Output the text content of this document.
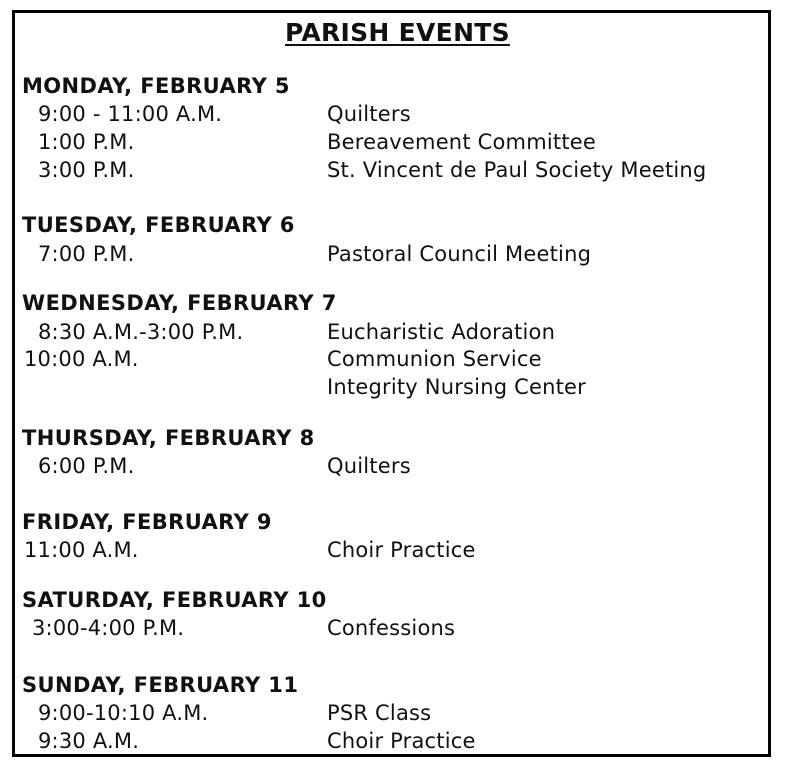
PARISH EVENTS
MONDAY, FEBRUARY 5
9:00 - 11:00 A.M.	Quilters
1:00 P.M.	Bereavement Committee
3:00 P.M.	St. Vincent de Paul Society Meeting
TUESDAY, FEBRUARY 6
7:00 P.M.	Pastoral Council Meeting
WEDNESDAY, FEBRUARY 7
8:30 A.M.-3:00 P.M.	Eucharistic Adoration
10:00 A.M.	Communion Service
Integrity Nursing Center
THURSDAY, FEBRUARY 8
6:00 P.M.	Quilters
FRIDAY, FEBRUARY 9
11:00 A.M.	Choir Practice
SATURDAY, FEBRUARY 10
3:00-4:00 P.M.	Confessions
SUNDAY, FEBRUARY 11
9:00-10:10 A.M.	PSR Class
9:30 A.M.	Choir Practice
